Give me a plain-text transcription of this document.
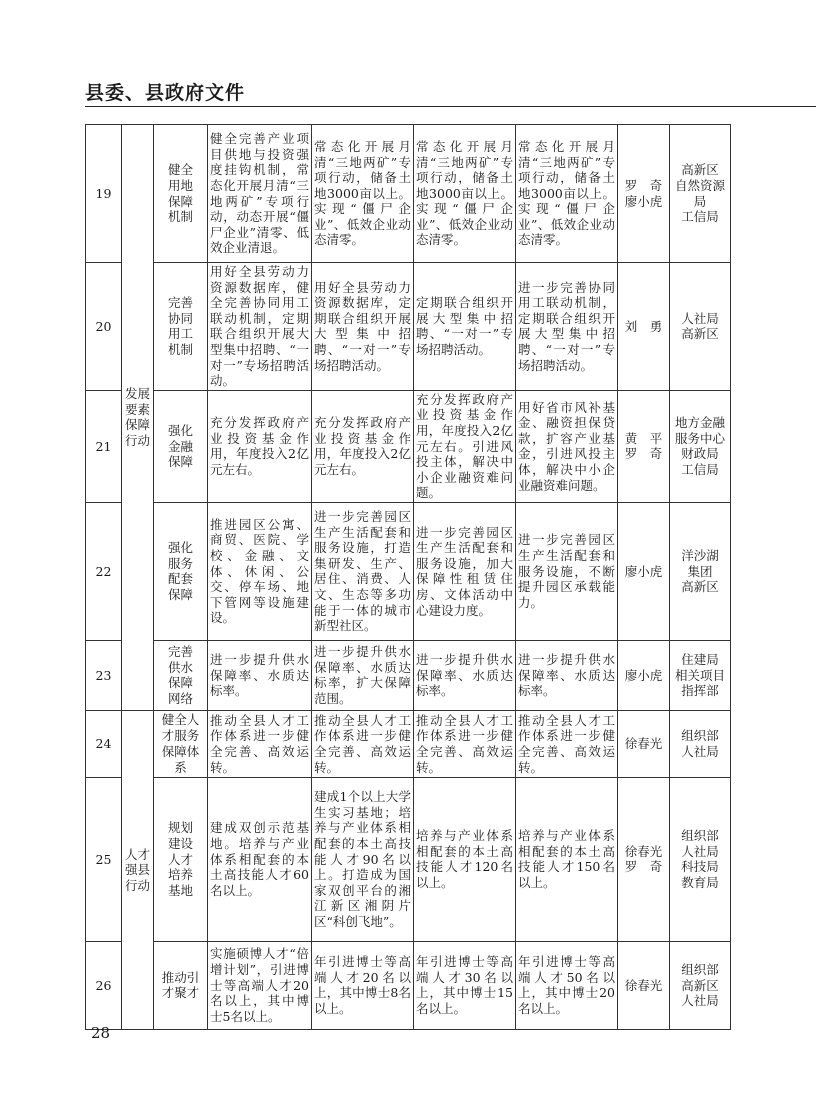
县委、县政府文件
19	发展
要素
保障
行动	健全
用地
保障
机制	健全完善产业项目供地与投资强度挂钩机制，常态化开展月清“三地两矿”专项行动，动态开展“僵尸企业”清零、低效企业清退。	常态化开展月清“三地两矿”专项行动，储备土地3000亩以上。实现“僵尸企业”、低效企业动态清零。	常态化开展月清“三地两矿”专项行动，储备土地3000亩以上。实现“僵尸企业”、低效企业动态清零。	常态化开展月清“三地两矿”专项行动，储备土地3000亩以上。实现“僵尸企业”、低效企业动态清零。	罗　奇
廖小虎	高新区
自然资源局
工信局
20		完善
协同
用工
机制	用好全县劳动力资源数据库，健全完善协同用工联动机制，定期联合组织开展大型集中招聘、“一对一”专场招聘活动。	用好全县劳动力资源数据库，定期联合组织开展大型集中招聘、“一对一”专场招聘活动。	定期联合组织开展大型集中招聘、“一对一”专场招聘活动。	进一步完善协同用工联动机制，定期联合组织开展大型集中招聘、“一对一”专场招聘活动。	刘　勇	人社局
高新区
21		强化
金融
保障	充分发挥政府产业投资基金作用，年度投入2亿元左右。	充分发挥政府产业投资基金作用，年度投入2亿元左右。	充分发挥政府产业投资基金作用，年度投入2亿元左右。引进风投主体，解决中小企业融资难问题。	用好省市风补基金、融资担保贷款，扩容产业基金，引进风投主体，解决中小企业融资难问题。	黄　平
罗　奇	地方金融
服务中心
财政局
工信局
22		强化
服务
配套
保障	推进园区公寓、商贸、医院、学校、金融、文体、休闲、公交、停车场、地下管网等设施建设。	进一步完善园区生产生活配套和服务设施，打造集研发、生产、居住、消费、人文、生态等多功能于一体的城市新型社区。	进一步完善园区生产生活配套和服务设施，加大保障性租赁住房、文体活动中心建设力度。	进一步完善园区生产生活配套和服务设施，不断提升园区承载能力。	廖小虎	洋沙湖
集团
高新区
23		完善
供水
保障
网络	进一步提升供水保障率、水质达标率。	进一步提升供水保障率、水质达标率，扩大保障范围。	进一步提升供水保障率、水质达标率。	进一步提升供水保障率、水质达标率。	廖小虎	住建局
相关项目
指挥部
24	人才
强县
行动	健全人
才服务
保障体系	推动全县人才工作体系进一步健全完善、高效运转。	推动全县人才工作体系进一步健全完善、高效运转。	推动全县人才工作体系进一步健全完善、高效运转。	推动全县人才工作体系进一步健全完善、高效运转。	徐春光	组织部
人社局
25		规划
建设
人才
培养
基地	建成双创示范基地。培养与产业体系相配套的本土高技能人才60名以上。	建成1个以上大学生实习基地；培养与产业体系相配套的本土高技能人才90名以上。打造成为国家双创平台的湘江新区湘阴片区“科创飞地”。	培养与产业体系相配套的本土高技能人才120名以上。	培养与产业体系相配套的本土高技能人才150名以上。	徐春光
罗　奇	组织部
人社局
科技局
教育局
26		推动引
才聚才	实施硕博人才“倍增计划”，引进博士等高端人才20名以上，其中博士5名以上。	年引进博士等高端人才20名以上，其中博士8名以上。	年引进博士等高端人才30名以上，其中博士15名以上。	年引进博士等高端人才50名以上，其中博士20名以上。	徐春光	组织部
高新区
人社局
28
